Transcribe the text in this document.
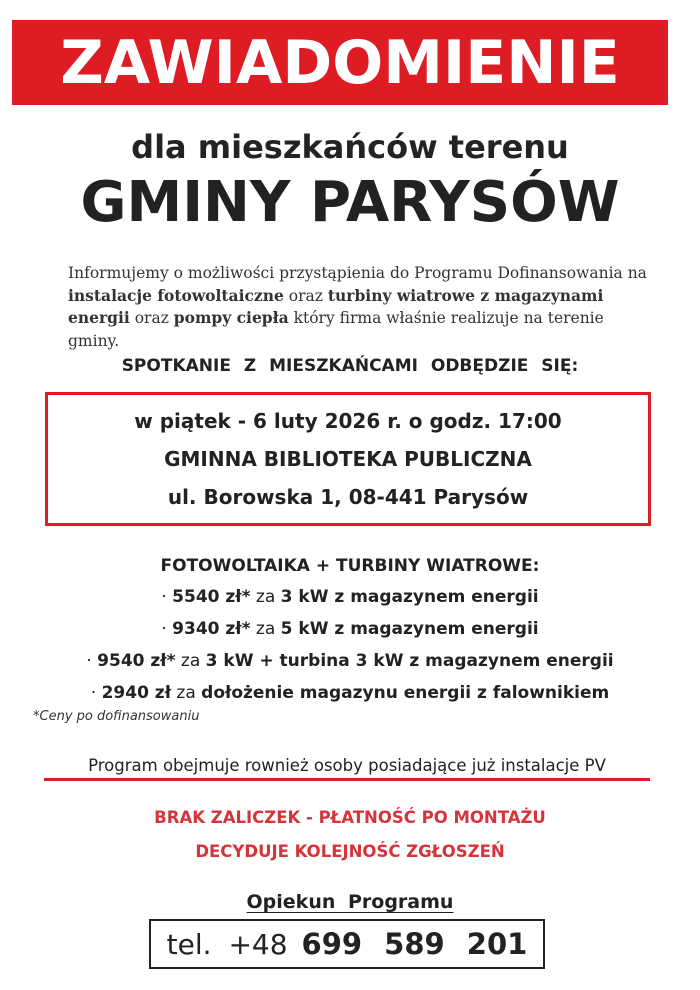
ZAWIADOMIENIE
dla mieszkańców terenu
GMINY PARYSÓW

Informujemy o możliwości przystąpienia do Programu Dofinansowania na instalacje fotowoltaiczne oraz turbiny wiatrowe z magazynami energii oraz pompy ciepła który firma właśnie realizuje na terenie gminy.

SPOTKANIE Z MIESZKAŃCAMI ODBĘDZIE SIĘ:
w piątek - 6 luty 2026 r. o godz. 17:00
GMINNA BIBLIOTEKA PUBLICZNA
ul. Borowska 1, 08-441 Parysów
FOTOWOLTAIKA + TURBINY WIATROWE:
· 5540 zł* za 3 kW z magazynem energii
· 9340 zł* za 5 kW z magazynem energii
· 9540 zł* za 3 kW + turbina 3 kW z magazynem energii
· 2940 zł za dołożenie magazynu energii z falownikiem
*Ceny po dofinansowaniu
Program obejmuje rownież osoby posiadające już instalacje PV
BRAK ZALICZEK - PŁATNOŚĆ PO MONTAŻU
DECYDUJE KOLEJNOŚĆ ZGŁOSZEŃ
Opiekun Programu
tel. +48 699 589 201
